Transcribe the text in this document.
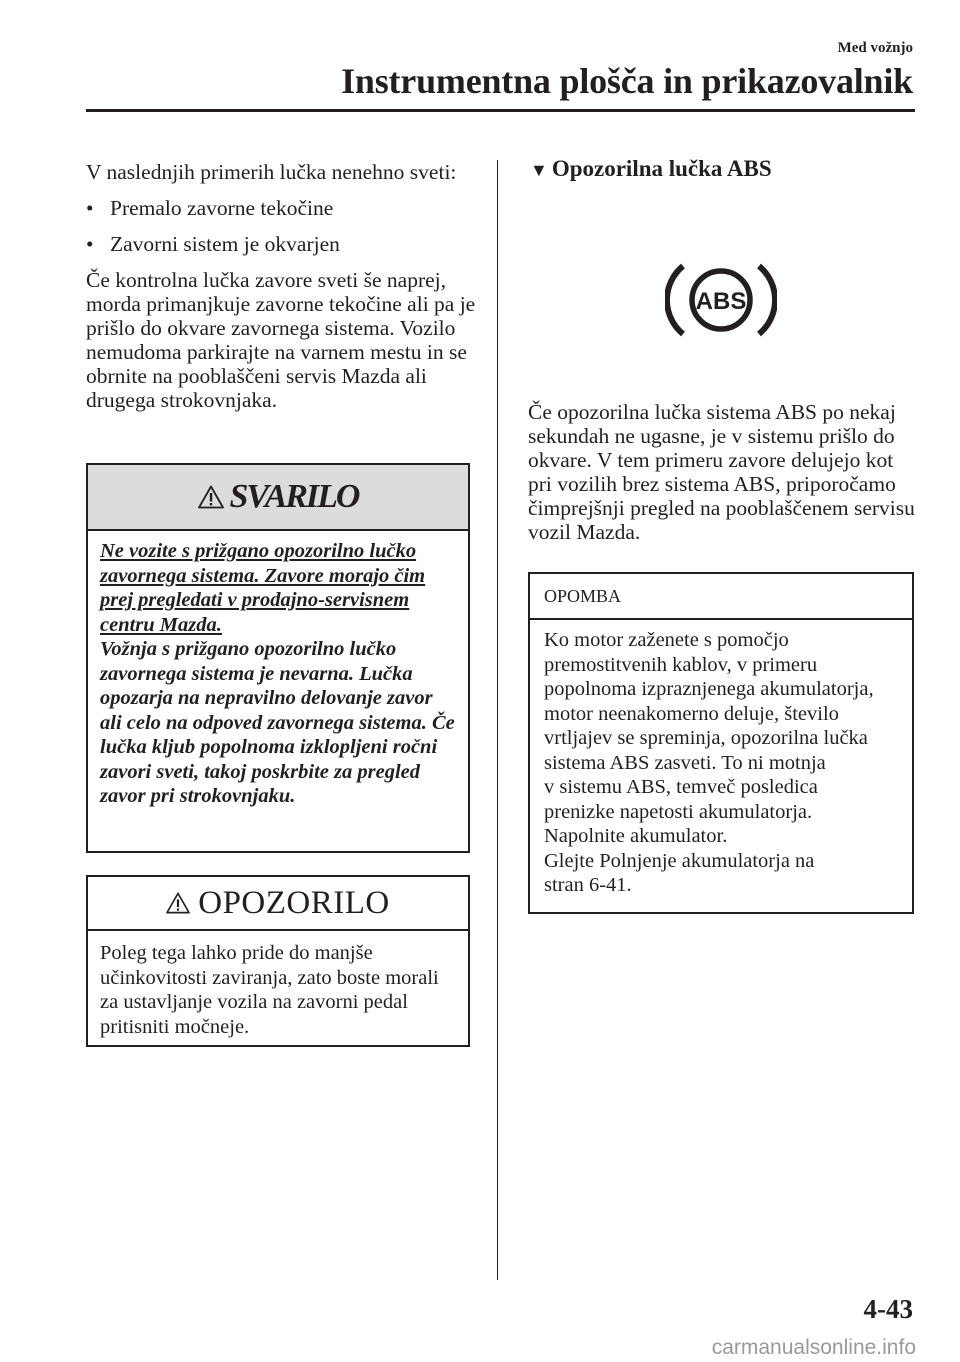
Med vožnjo
Instrumentna plošča in prikazovalnik

V naslednjih primerih lučka nenehno sveti:

• Premalo zavorne tekočine
• Zavorni sistem je okvarjen

Če kontrolna lučka zavore sveti še naprej, morda primanjkuje zavorne tekočine ali pa je prišlo do okvare zavornega sistema. Vozilo nemudoma parkirajte na varnem mestu in se obrnite na pooblaščeni servis Mazda ali drugega strokovnjaka.

SVARILO
Ne vozite s prižgano opozorilno lučko zavornega sistema. Zavore morajo čim prej pregledati v prodajno-servisnem centru Mazda.
Vožnja s prižgano opozorilno lučko zavornega sistema je nevarna. Lučka opozarja na nepravilno delovanje zavor ali celo na odpoved zavornega sistema. Če lučka kljub popolnoma izklopljeni ročni zavori sveti, takoj poskrbite za pregled zavor pri strokovnjaku.
OPOZORILO
Poleg tega lahko pride do manjše učinkovitosti zaviranja, zato boste morali za ustavljanje vozila na zavorni pedal pritisniti močneje.
▼ Opozorilna lučka ABS
ABS

Če opozorilna lučka sistema ABS po nekaj sekundah ne ugasne, je v sistemu prišlo do okvare. V tem primeru zavore delujejo kot pri vozilih brez sistema ABS, priporočamo čimprejšnji pregled na pooblaščenem servisu vozil Mazda.

OPOMBA
Ko motor zaženete s pomočjo
premostitvenih kablov, v primeru
popolnoma izpraznjenega akumulatorja,
motor neenakomerno deluje, število
vrtljajev se spreminja, opozorilna lučka
sistema ABS zasveti. To ni motnja
v sistemu ABS, temveč posledica
prenizke napetosti akumulatorja.
Napolnite akumulator.
Glejte Polnjenje akumulatorja na
stran 6-41.
4-43
carmanualsonline.info
